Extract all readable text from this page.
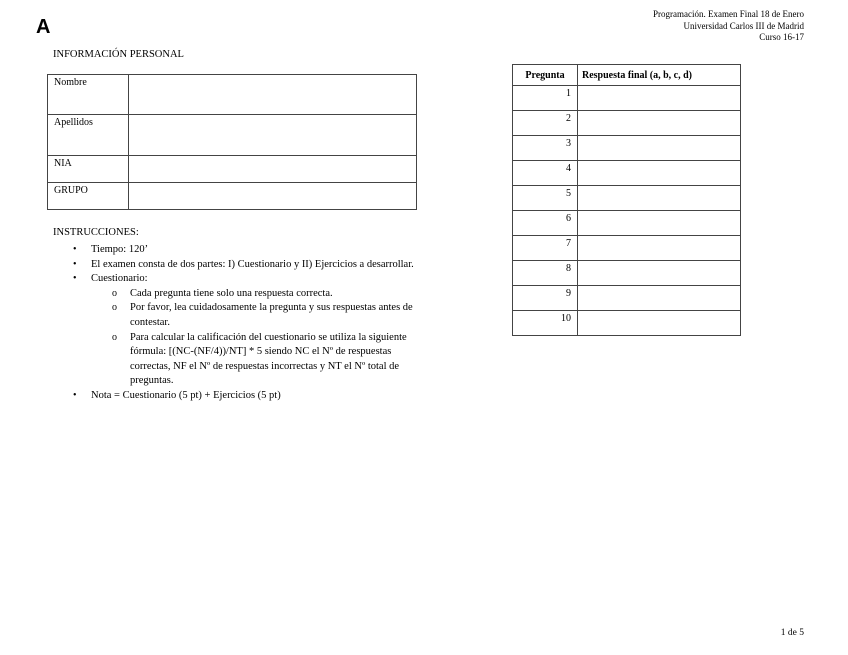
A
Programación. Examen Final 18 de Enero
Universidad Carlos III de Madrid
Curso 16-17
INFORMACIÓN PERSONAL
Nombre	
Apellidos	
NIA	
GRUPO	
INSTRUCCIONES:
• Tiempo: 120’
• El examen consta de dos partes: I) Cuestionario y II) Ejercicios a desarrollar.
• Cuestionario:
o Cada pregunta tiene solo una respuesta correcta.
o Por favor, lea cuidadosamente la pregunta y sus respuestas antes de contestar.
o Para calcular la calificación del cuestionario se utiliza la siguiente fórmula: [(NC-(NF/4))/NT] * 5 siendo NC el Nº de respuestas correctas, NF el Nº de respuestas incorrectas y NT el Nº total de preguntas.
• Nota = Cuestionario (5 pt) + Ejercicios (5 pt)
Pregunta	Respuesta final (a, b, c, d)
1	
2	
3	
4	
5	
6	
7	
8	
9	
10	
1 de 5
